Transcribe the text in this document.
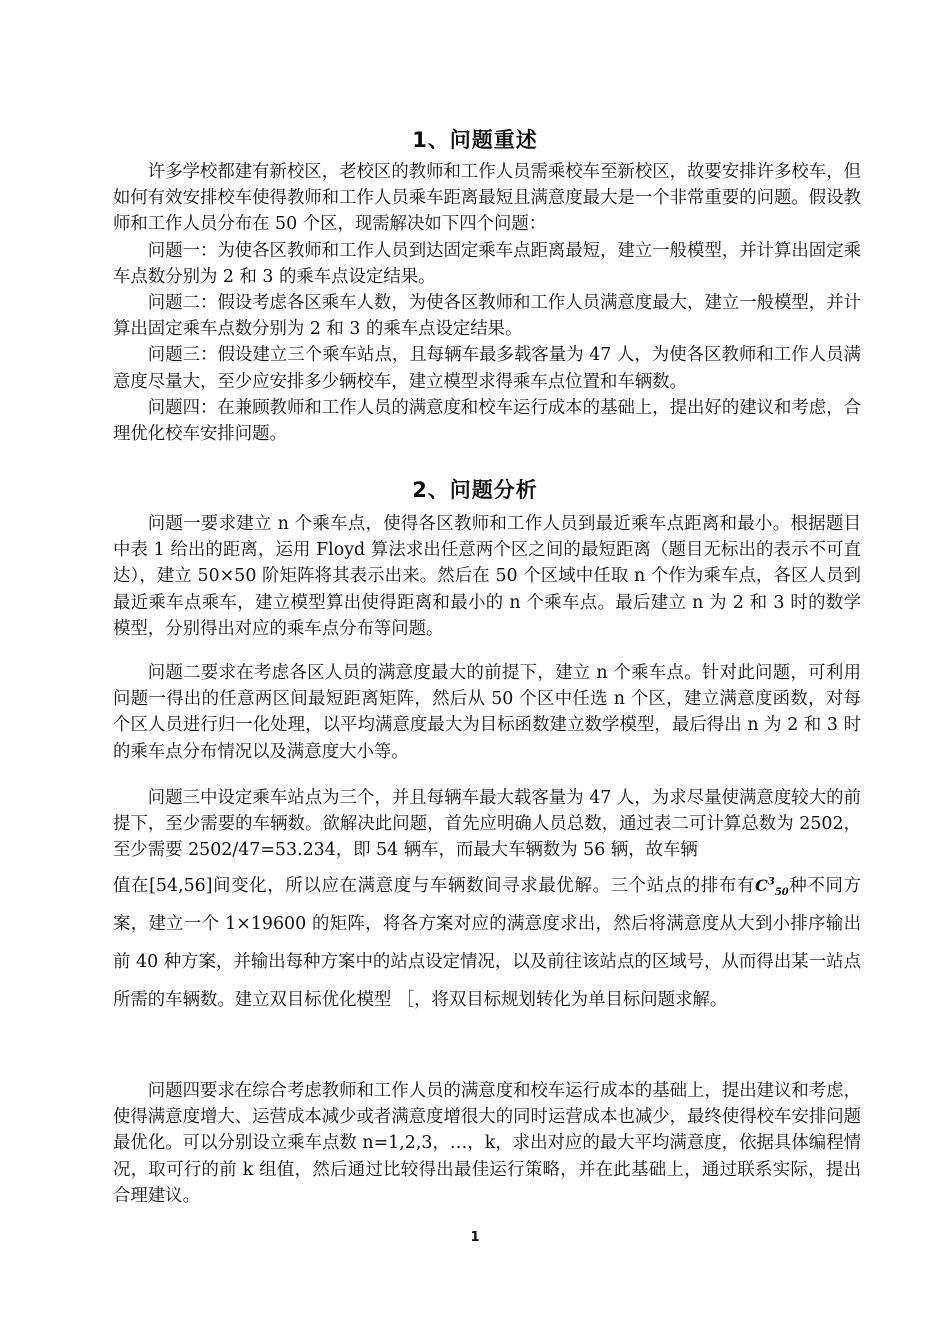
1、问题重述

许多学校都建有新校区，老校区的教师和工作人员需乘校车至新校区，故要安排许多校车，但如何有效安排校车使得教师和工作人员乘车距离最短且满意度最大是一个非常重要的问题。假设教师和工作人员分布在 50 个区，现需解决如下四个问题：

问题一：为使各区教师和工作人员到达固定乘车点距离最短，建立一般模型，并计算出固定乘车点数分别为 2 和 3 的乘车点设定结果。

问题二：假设考虑各区乘车人数，为使各区教师和工作人员满意度最大，建立一般模型，并计算出固定乘车点数分别为 2 和 3 的乘车点设定结果。

问题三：假设建立三个乘车站点，且每辆车最多载客量为 47 人，为使各区教师和工作人员满意度尽量大，至少应安排多少辆校车，建立模型求得乘车点位置和车辆数。

问题四：在兼顾教师和工作人员的满意度和校车运行成本的基础上，提出好的建议和考虑，合理优化校车安排问题。

2、问题分析

问题一要求建立 n 个乘车点，使得各区教师和工作人员到最近乘车点距离和最小。根据题目中表 1 给出的距离，运用 Floyd 算法求出任意两个区之间的最短距离（题目无标出的表示不可直达），建立 50×50 阶矩阵将其表示出来。然后在 50 个区域中任取 n 个作为乘车点，各区人员到最近乘车点乘车，建立模型算出使得距离和最小的 n 个乘车点。最后建立 n 为 2 和 3 时的数学模型，分别得出对应的乘车点分布等问题。

问题二要求在考虑各区人员的满意度最大的前提下，建立 n 个乘车点。针对此问题，可利用问题一得出的任意两区间最短距离矩阵，然后从 50 个区中任选 n 个区，建立满意度函数，对每个区人员进行归一化处理，以平均满意度最大为目标函数建立数学模型，最后得出 n 为 2 和 3 时的乘车点分布情况以及满意度大小等。

问题三中设定乘车站点为三个，并且每辆车最大载客量为 47 人，为求尽量使满意度较大的前提下，至少需要的车辆数。欲解决此问题，首先应明确人员总数，通过表二可计算总数为 2502，至少需要 2502/47=53.234，即 54 辆车，而最大车辆数为 56 辆，故车辆

值在[54,56]间变化，所以应在满意度与车辆数间寻求最优解。三个站点的排布有$C^3_{50}$种不同方案，建立一个 1×19600 的矩阵，将各方案对应的满意度求出，然后将满意度从大到小排序输出前 40 种方案，并输出每种方案中的站点设定情况，以及前往该站点的区域号，从而得出某一站点所需的车辆数。建立双目标优化模型 ［，将双目标规划转化为单目标问题求解。

问题四要求在综合考虑教师和工作人员的满意度和校车运行成本的基础上，提出建议和考虑，使得满意度增大、运营成本减少或者满意度增很大的同时运营成本也减少，最终使得校车安排问题最优化。可以分别设立乘车点数 n=1,2,3，…，k，求出对应的最大平均满意度，依据具体编程情况，取可行的前 k 组值，然后通过比较得出最佳运行策略，并在此基础上，通过联系实际，提出合理建议。

1
